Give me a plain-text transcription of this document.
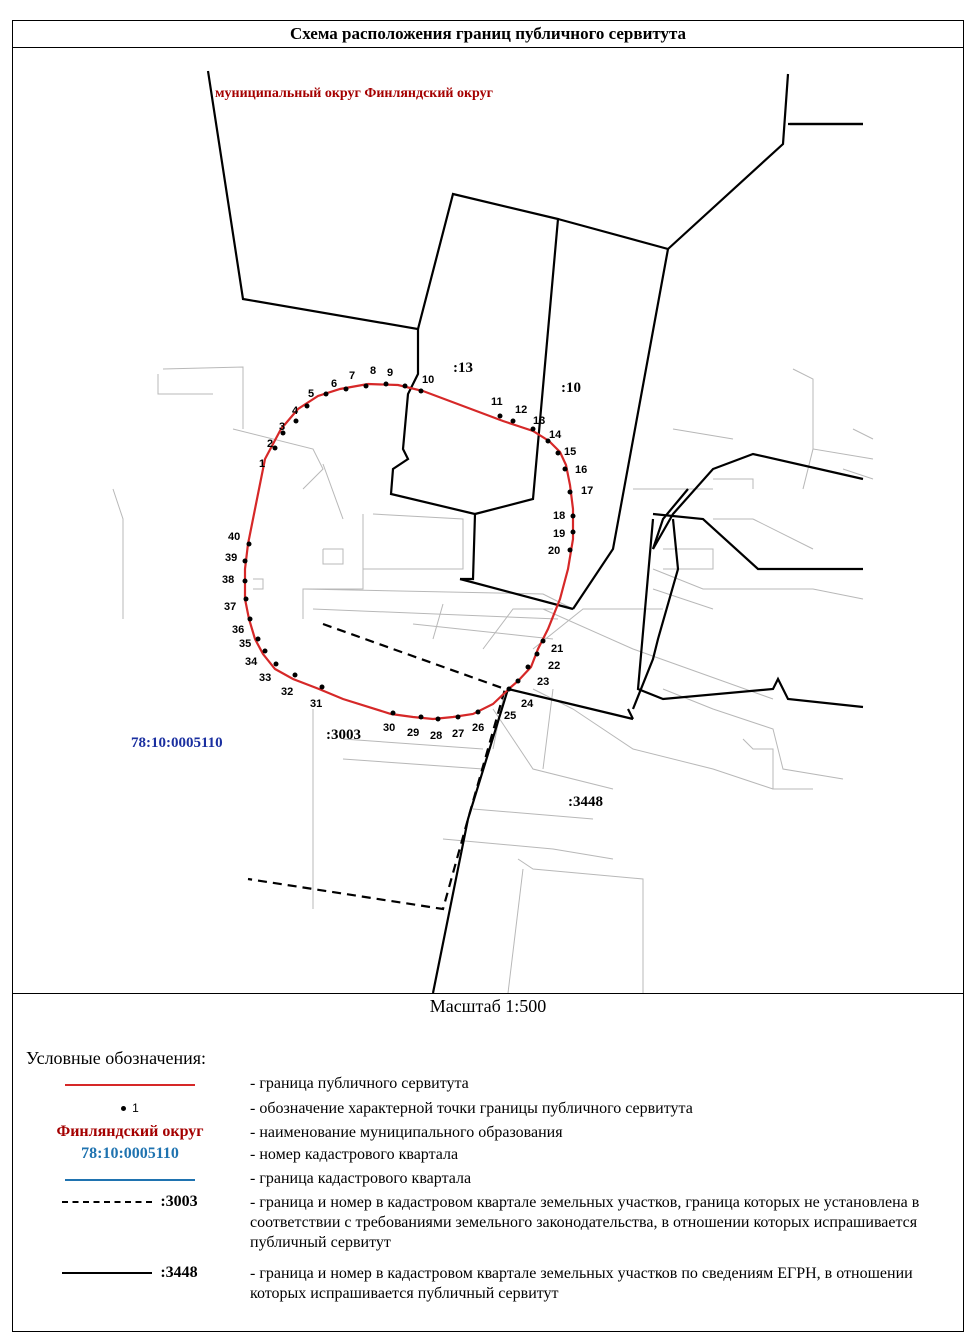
Схема расположения границ публичного сервитута
1
2
3
4
5
6
7 8 9
10
11
12
13
14
15
16
17
18
19
20
21
22
23
24
25
26
27
28
29
30
31
32
33
34
35
36
37
38
39
40
:13
:10
:3003
:3448
муниципальный округ Финляндский округ
78:10:0005110
Масштаб 1:500
Условные обозначения:
- граница публичного сервитута
1	- обозначение характерной точки границы публичного сервитута
Финляндский округ	- наименование муниципального образования
78:10:0005110	- номер кадастрового квартала
- граница кадастрового квартала
:3003	- граница и номер в кадастровом квартале земельных участков, граница которых не установлена в соответствии с требованиями земельного законодательства, в отношении которых испрашивается публичный сервитут
:3448	- граница и номер в кадастровом квартале земельных участков по сведениям ЕГРН, в отношении которых испрашивается публичный сервитут
